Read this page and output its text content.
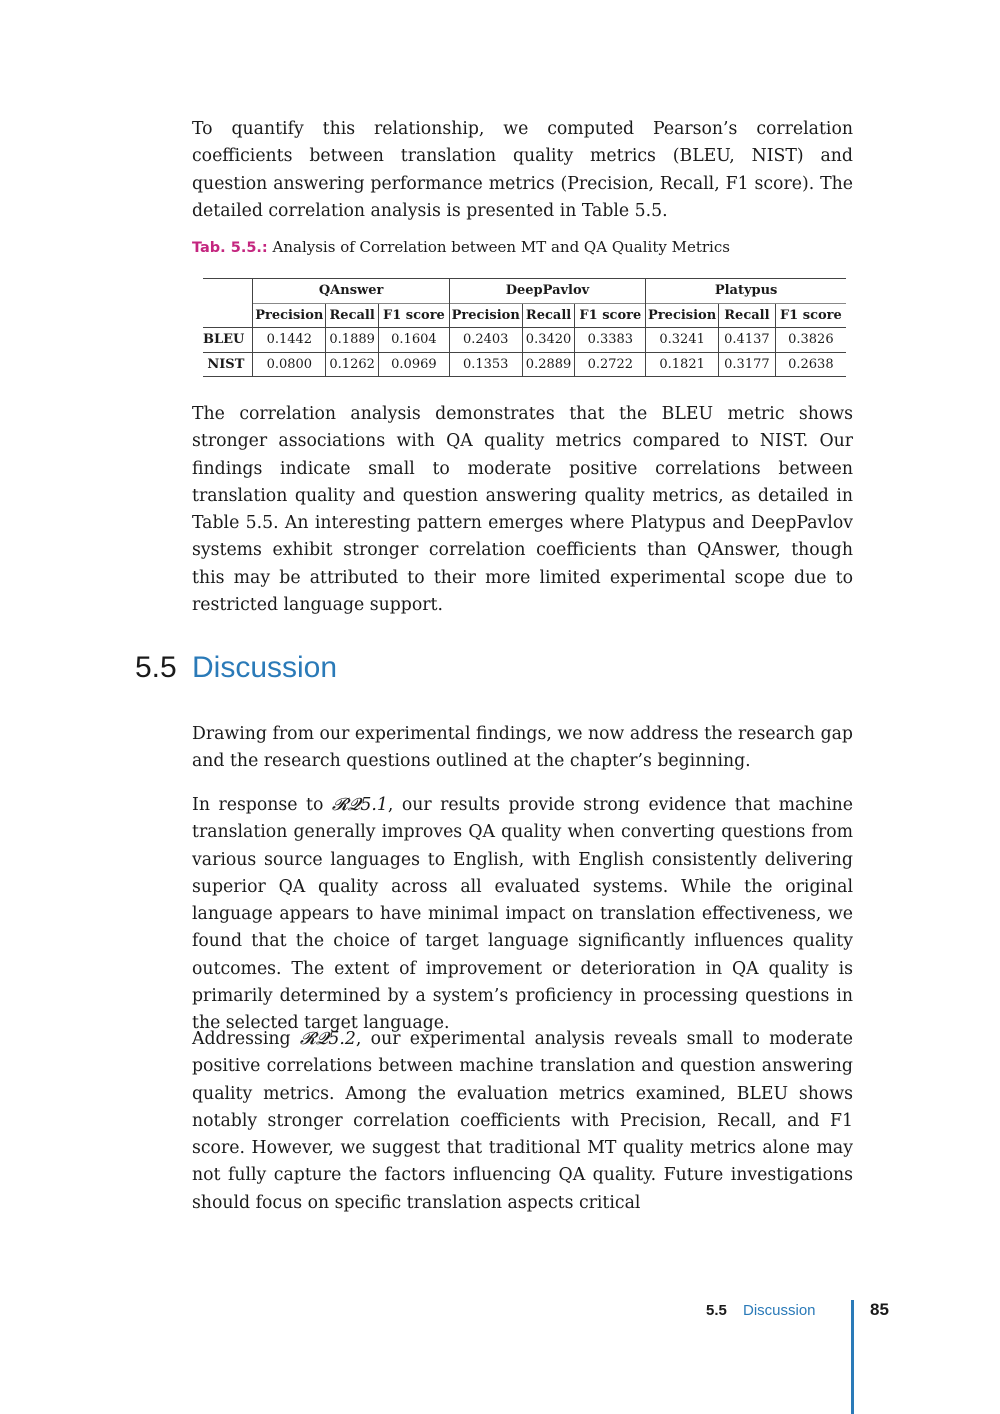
To quantify this relationship, we computed Pearson’s correlation coefficients between translation quality metrics (BLEU, NIST) and question answering performance metrics (Precision, Recall, F1 score). The detailed correlation analysis is presented in Table 5.5.

Tab. 5.5.: Analysis of Correlation between MT and QA Quality Metrics
	QAnswer			DeepPavlov			Platypus		
	Precision	Recall	F1 score	Precision	Recall	F1 score	Precision	Recall	F1 score
BLEU	0.1442	0.1889	0.1604	0.2403	0.3420	0.3383	0.3241	0.4137	0.3826
NIST	0.0800	0.1262	0.0969	0.1353	0.2889	0.2722	0.1821	0.3177	0.2638

The correlation analysis demonstrates that the BLEU metric shows stronger associations with QA quality metrics compared to NIST. Our findings indicate small to moderate positive correlations between translation quality and question answering quality metrics, as detailed in Table 5.5. An interesting pattern emerges where Platypus and DeepPavlov systems exhibit stronger correlation coefficients than QAnswer, though this may be attributed to their more limited experimental scope due to restricted language support.

5.5 Discussion

Drawing from our experimental findings, we now address the research gap and the research questions outlined at the chapter’s beginning.

In response to 𝓡𝓠5.1, our results provide strong evidence that machine translation generally improves QA quality when converting questions from various source languages to English, with English consistently delivering superior QA quality across all evaluated systems. While the original language appears to have minimal impact on translation effectiveness, we found that the choice of target language significantly influences quality outcomes. The extent of improvement or deterioration in QA quality is primarily determined by a system’s proficiency in processing questions in the selected target language.

Addressing 𝓡𝓠5.2, our experimental analysis reveals small to moderate positive correlations between machine translation and question answering quality metrics. Among the evaluation metrics examined, BLEU shows notably stronger correlation coefficients with Precision, Recall, and F1 score. However, we suggest that traditional MT quality metrics alone may not fully capture the factors influencing QA quality. Future investigations should focus on specific translation aspects critical

5.5 Discussion	85
